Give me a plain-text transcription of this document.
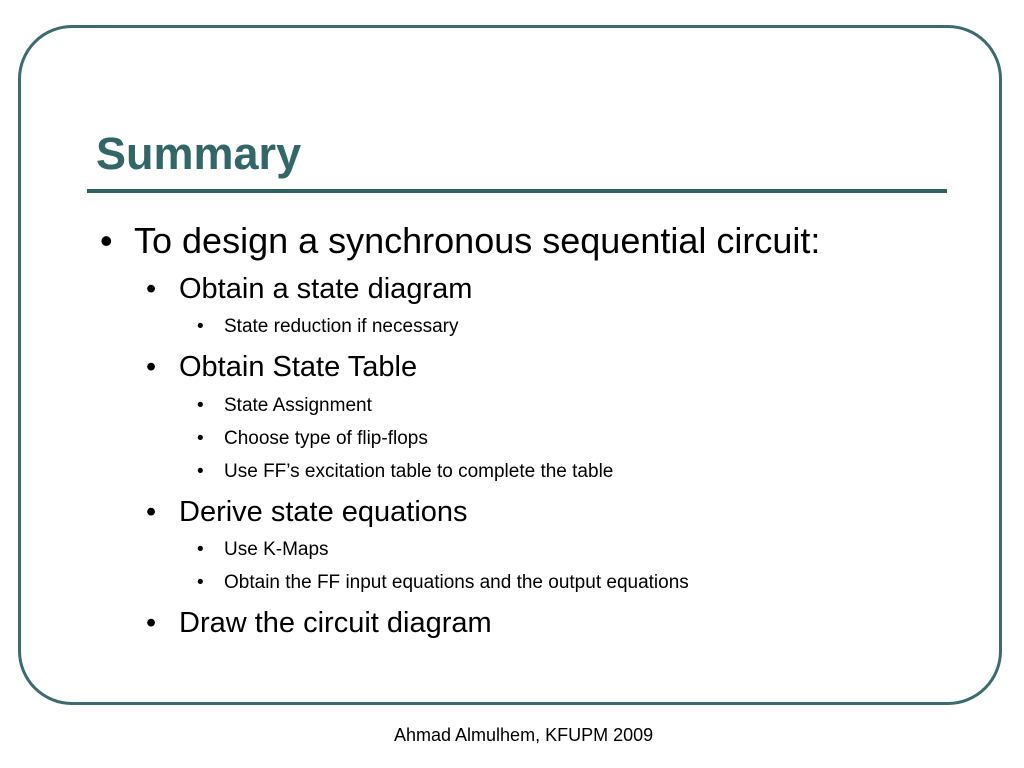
Summary
• To design a synchronous sequential circuit:
• Obtain a state diagram
• State reduction if necessary
• Obtain State Table
• State Assignment
• Choose type of flip-flops
• Use FF’s excitation table to complete the table
• Derive state equations
• Use K-Maps
• Obtain the FF input equations and the output equations
• Draw the circuit diagram
Ahmad Almulhem, KFUPM 2009
